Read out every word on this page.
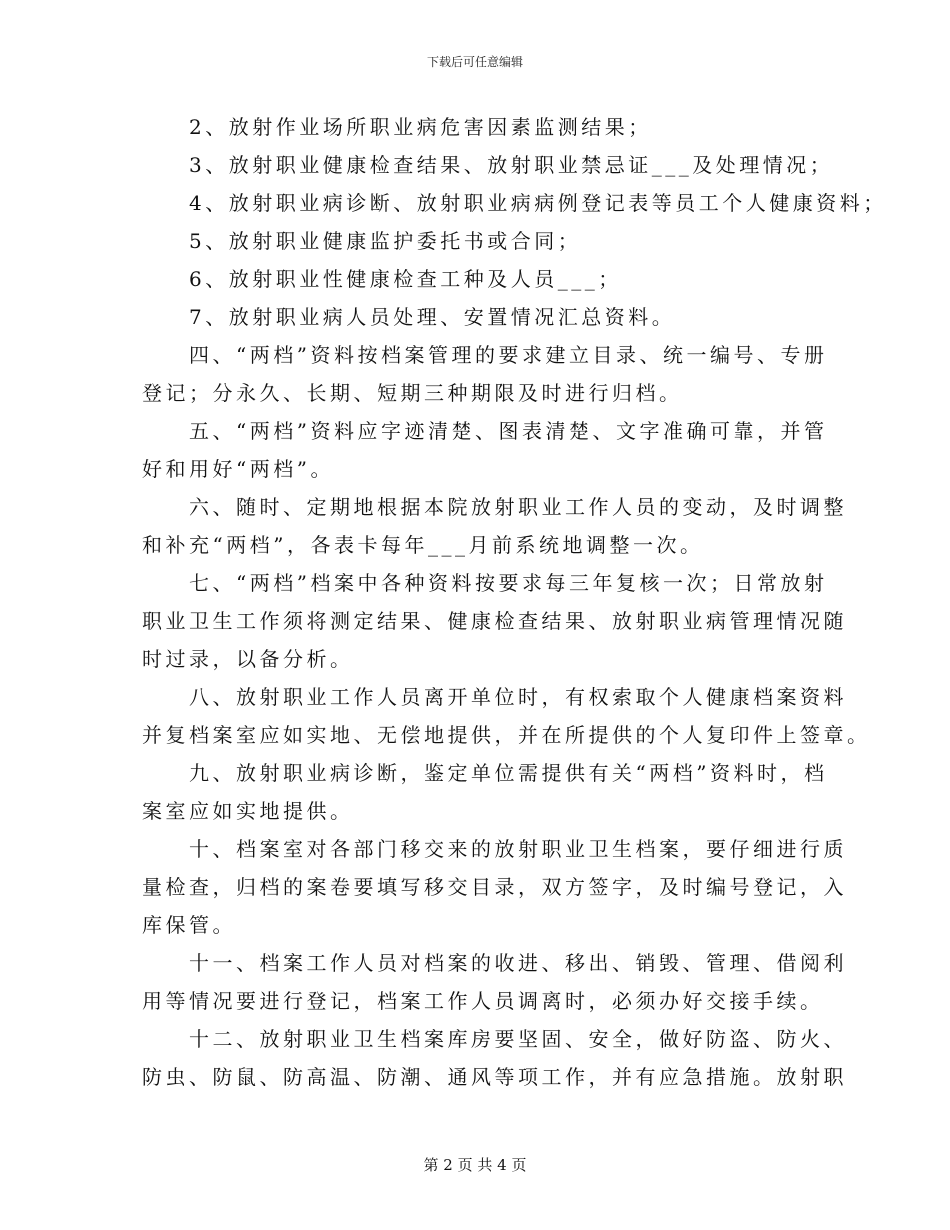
下载后可任意编辑

2、放射作业场所职业病危害因素监测结果；

3、放射职业健康检查结果、放射职业禁忌证___及处理情况；

4、放射职业病诊断、放射职业病病例登记表等员工个人健康资料；

5、放射职业健康监护委托书或合同；

6、放射职业性健康检查工种及人员___；

7、放射职业病人员处理、安置情况汇总资料。

四、“两档”资料按档案管理的要求建立目录、统一编号、专册
登记；分永久、长期、短期三种期限及时进行归档。

五、“两档”资料应字迹清楚、图表清楚、文字准确可靠，并管
好和用好“两档”。

六、随时、定期地根据本院放射职业工作人员的变动，及时调整
和补充“两档”，各表卡每年___月前系统地调整一次。

七、“两档”档案中各种资料按要求每三年复核一次；日常放射
职业卫生工作须将测定结果、健康检查结果、放射职业病管理情况随
时过录，以备分析。

八、放射职业工作人员离开单位时，有权索取个人健康档案资料
并复档案室应如实地、无偿地提供，并在所提供的个人复印件上签章。

九、放射职业病诊断，鉴定单位需提供有关“两档”资料时，档
案室应如实地提供。

十、档案室对各部门移交来的放射职业卫生档案，要仔细进行质
量检查，归档的案卷要填写移交目录，双方签字，及时编号登记，入
库保管。

十一、档案工作人员对档案的收进、移出、销毁、管理、借阅利
用等情况要进行登记，档案工作人员调离时，必须办好交接手续。

十二、放射职业卫生档案库房要坚固、安全，做好防盗、防火、
防虫、防鼠、防高温、防潮、通风等项工作，并有应急措施。放射职

第 2 页 共 4 页
